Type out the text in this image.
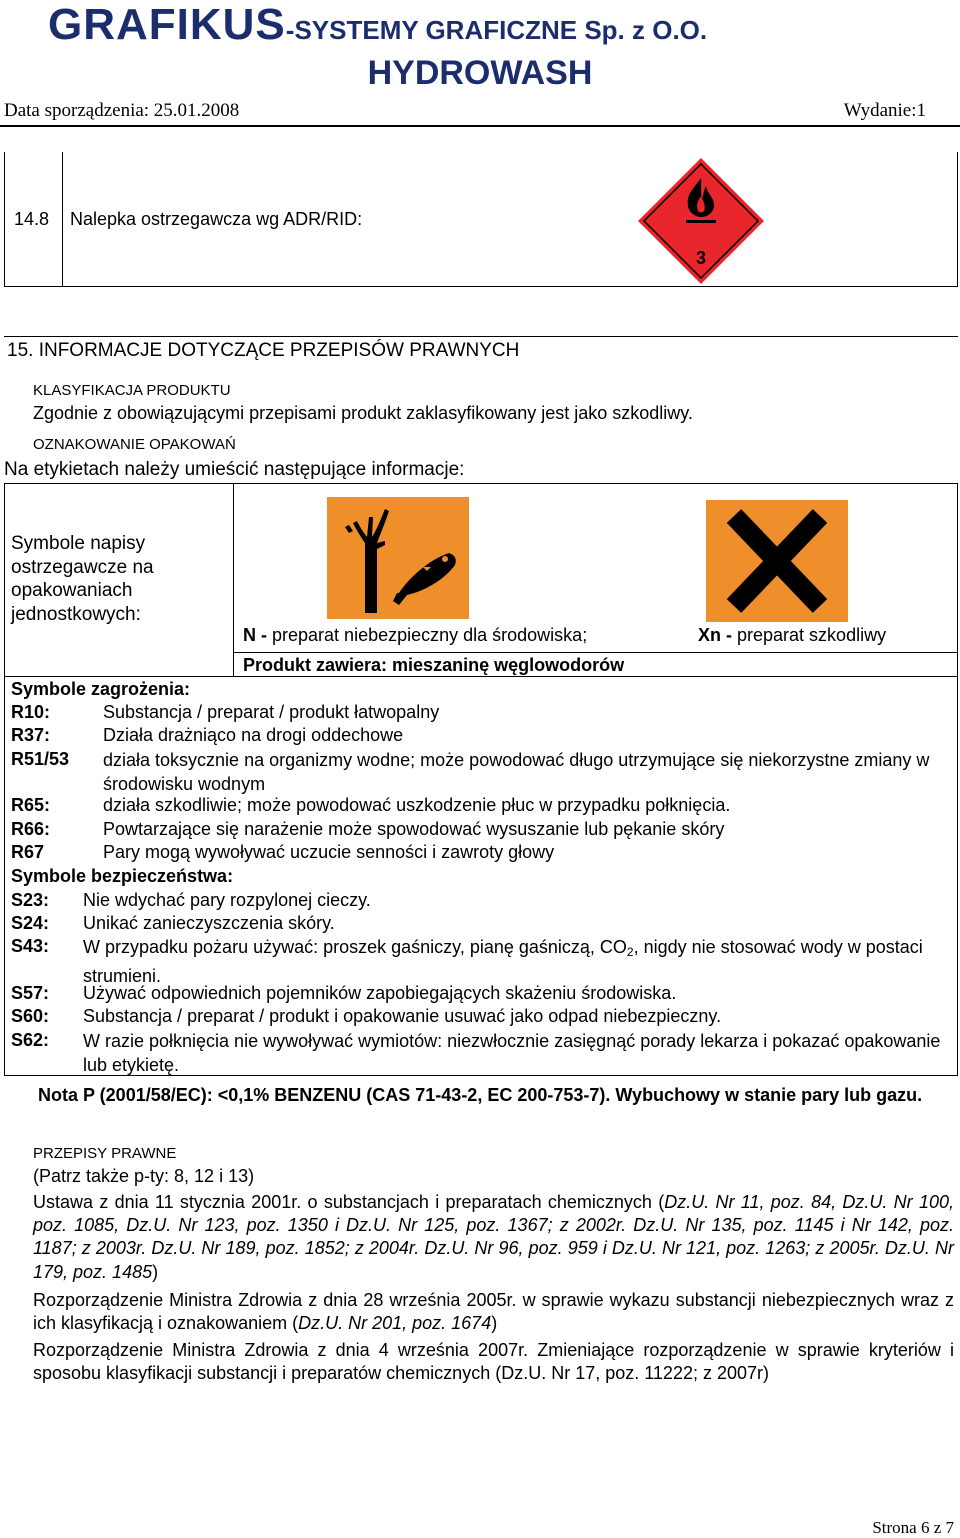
GRAFIKUS-SYSTEMY GRAFICZNE Sp. z O.O.
HYDROWASH
Data sporządzenia: 25.01.2008	Wydanie:1
14.8 Nalepka ostrzegawcza wg ADR/RID:
3
15. INFORMACJE DOTYCZĄCE PRZEPISÓW PRAWNYCH
KLASYFIKACJA PRODUKTU
Zgodnie z obowiązującymi przepisami produkt zaklasyfikowany jest jako szkodliwy.
OZNAKOWANIE OPAKOWAŃ
Na etykietach należy umieścić następujące informacje:
Symbole napisy ostrzegawcze na opakowaniach jednostkowych:
N - preparat niebezpieczny dla środowiska;	Xn - preparat szkodliwy
Produkt zawiera: mieszaninę węglowodorów
Symbole zagrożenia:
R10:	Substancja / preparat / produkt łatwopalny
R37:	Działa drażniąco na drogi oddechowe
R51/53 działa toksycznie na organizmy wodne; może powodować długo utrzymujące się niekorzystne zmiany w środowisku wodnym
R65:	działa szkodliwie; może powodować uszkodzenie płuc w przypadku połknięcia.
R66:	Powtarzające się narażenie może spowodować wysuszanie lub pękanie skóry
R67	Pary mogą wywoływać uczucie senności i zawroty głowy
Symbole bezpieczeństwa:
S23: Nie wdychać pary rozpylonej cieczy.
S24: Unikać zanieczyszczenia skóry.
S43: W przypadku pożaru używać: proszek gaśniczy, pianę gaśniczą, $CO_2$, nigdy nie stosować wody w postaci strumieni.
S57: Używać odpowiednich pojemników zapobiegających skażeniu środowiska.
S60: Substancja / preparat / produkt i opakowanie usuwać jako odpad niebezpieczny.
S62: W razie połknięcia nie wywoływać wymiotów: niezwłocznie zasięgnąć porady lekarza i pokazać opakowanie lub etykietę.
Nota P (2001/58/EC): <0,1% BENZENU (CAS 71-43-2, EC 200-753-7). Wybuchowy w stanie pary lub gazu.
PRZEPISY PRAWNE
(Patrz także p-ty: 8, 12 i 13)
Ustawa z dnia 11 stycznia 2001r. o substancjach i preparatach chemicznych (Dz.U. Nr 11, poz. 84, Dz.U. Nr 100, poz. 1085, Dz.U. Nr 123, poz. 1350 i Dz.U. Nr 125, poz. 1367; z 2002r. Dz.U. Nr 135, poz. 1145 i Nr 142, poz. 1187; z 2003r. Dz.U. Nr 189, poz. 1852; z 2004r. Dz.U. Nr 96, poz. 959 i Dz.U. Nr 121, poz. 1263; z 2005r. Dz.U. Nr 179, poz. 1485)
Rozporządzenie Ministra Zdrowia z dnia 28 września 2005r. w sprawie wykazu substancji niebezpiecznych wraz z ich klasyfikacją i oznakowaniem (Dz.U. Nr 201, poz. 1674)
Rozporządzenie Ministra Zdrowia z dnia 4 września 2007r. Zmieniające rozporządzenie w sprawie kryteriów i sposobu klasyfikacji substancji i preparatów chemicznych (Dz.U. Nr 17, poz. 11222; z 2007r)
Strona 6 z 7
